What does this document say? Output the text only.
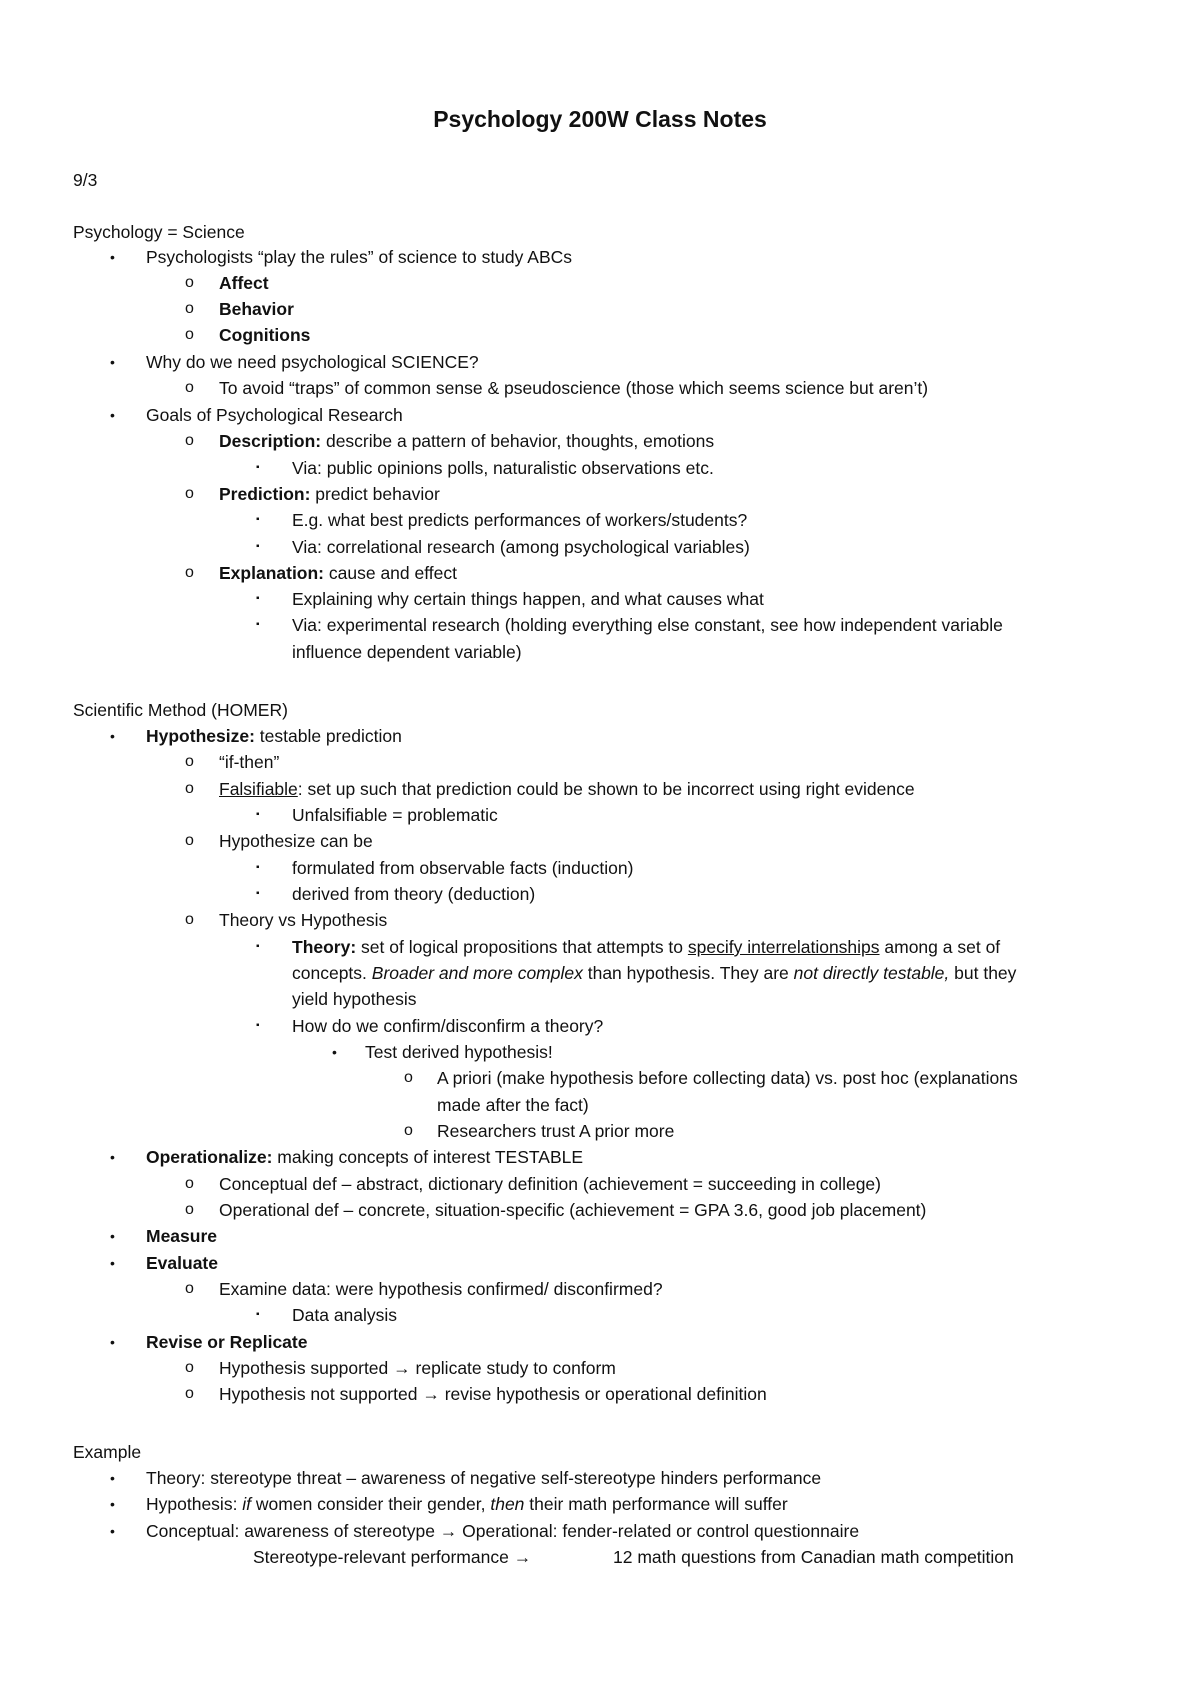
Psychology 200W Class Notes
9/3
Psychology = Science
• Psychologists “play the rules” of science to study ABCs
o Affect
o Behavior
o Cognitions
• Why do we need psychological SCIENCE?
o To avoid “traps” of common sense & pseudoscience (those which seems science but aren’t)
• Goals of Psychological Research
o Description: describe a pattern of behavior, thoughts, emotions
▪ Via: public opinions polls, naturalistic observations etc.
o Prediction: predict behavior
▪ E.g. what best predicts performances of workers/students?
▪ Via: correlational research (among psychological variables)
o Explanation: cause and effect
▪ Explaining why certain things happen, and what causes what
▪ Via: experimental research (holding everything else constant, see how independent variable
influence dependent variable)
Scientific Method (HOMER)
• Hypothesize: testable prediction
o “if-then”
o Falsifiable: set up such that prediction could be shown to be incorrect using right evidence
▪ Unfalsifiable = problematic
o Hypothesize can be
▪ formulated from observable facts (induction)
▪ derived from theory (deduction)
o Theory vs Hypothesis
▪ Theory: set of logical propositions that attempts to specify interrelationships among a set of
concepts. Broader and more complex than hypothesis. They are not directly testable, but they
yield hypothesis
▪ How do we confirm/disconfirm a theory?
• Test derived hypothesis!
o A priori (make hypothesis before collecting data) vs. post hoc (explanations
made after the fact)
o Researchers trust A prior more
• Operationalize: making concepts of interest TESTABLE
o Conceptual def – abstract, dictionary definition (achievement = succeeding in college)
o Operational def – concrete, situation-specific (achievement = GPA 3.6, good job placement)
• Measure
• Evaluate
o Examine data: were hypothesis confirmed/ disconfirmed?
▪ Data analysis
• Revise or Replicate
o Hypothesis supported → replicate study to conform
o Hypothesis not supported → revise hypothesis or operational definition
Example
• Theory: stereotype threat – awareness of negative self-stereotype hinders performance
• Hypothesis: if women consider their gender, then their math performance will suffer
• Conceptual: awareness of stereotype → Operational: fender-related or control questionnaire
Stereotype-relevant performance →	12 math questions from Canadian math competition
